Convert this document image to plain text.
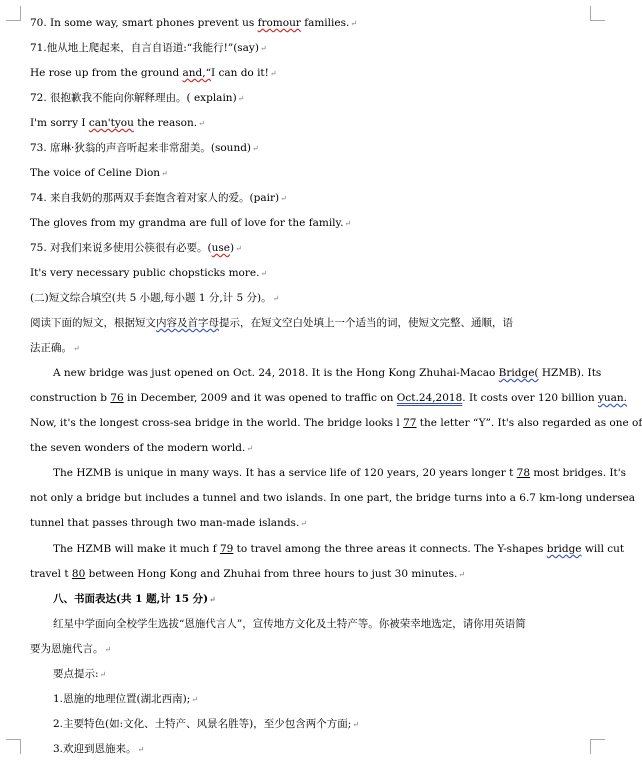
70. In some way, smart phones prevent us fromour families.↵
71.他从地上爬起来，自言自语道:“我能行!”(say)↵
He rose up from the ground and,“I can do it!↵
72. 很抱歉我不能向你解释理由。( explain)↵
I'm sorry I can'tyou the reason.↵
73. 席琳·狄翁的声音听起来非常甜美。(sound)↵
The voice of Celine Dion↵
74. 来自我奶的那两双手套饱含着对家人的爱。(pair)↵
The gloves from my grandma are full of love for the family.↵
75. 对我们来说多使用公筷很有必要。(use)↵
It's very necessary public chopsticks more.↵
(二)短文综合填空(共 5 小题,每小题 1 分,计 5 分)。↵
阅读下面的短文，根据短文内容及首字母提示，在短文空白处填上一个适当的词，使短文完整、通顺，语
法正确。↵
A new bridge was just opened on Oct. 24, 2018. It is the Hong Kong Zhuhai-Macao Bridge( HZMB). Its
construction b 76 in December, 2009 and it was opened to traffic on Oct.24,2018. It costs over 120 billion yuan.
Now, it's the longest cross-sea bridge in the world. The bridge looks l 77 the letter “Y”. It's also regarded as one of
the seven wonders of the modern world.↵
The HZMB is unique in many ways. It has a service life of 120 years, 20 years longer t 78 most bridges. It's
not only a bridge but includes a tunnel and two islands. In one part, the bridge turns into a 6.7 km-long undersea
tunnel that passes through two man-made islands.↵
The HZMB will make it much f 79 to travel among the three areas it connects. The Y-shapes bridge will cut
travel t 80 between Hong Kong and Zhuhai from three hours to just 30 minutes.↵
八、书面表达(共 1 题,计 15 分)↵
红星中学面向全校学生选拔“恩施代言人”，宣传地方文化及土特产等。你被荣幸地选定，请你用英语简
要为恩施代言。↵
要点提示:↵
1.恩施的地理位置(湖北西南);↵
2.主要特色(如:文化、土特产、风景名胜等)，至少包含两个方面;↵
3.欢迎到恩施来。↵
